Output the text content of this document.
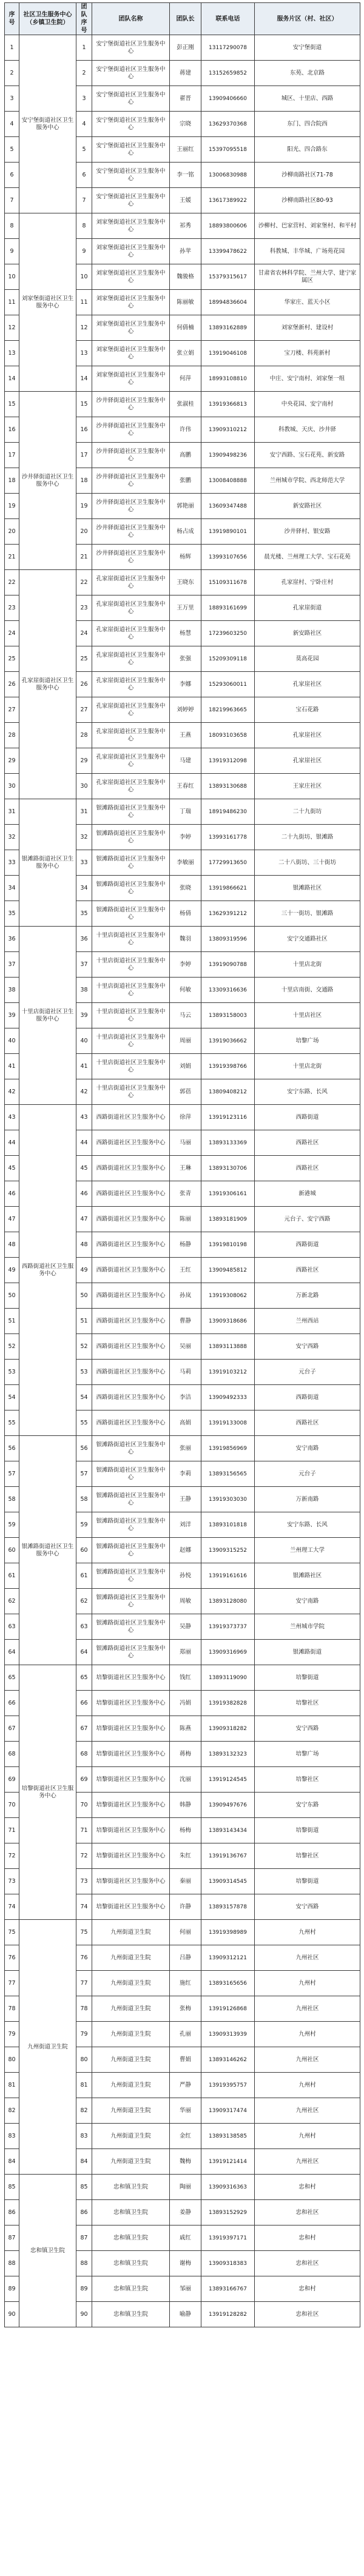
序号	社区卫生服务中心（乡镇卫生院）	团队序号	团队名称	团队长	联系电话	服务片区（村、社区）
1	安宁堡街道社区卫生服务中心	1	安宁堡街道社区卫生服务中心	彭正刚	13117290078	安宁堡街道
2		2	安宁堡街道社区卫生服务中心	蒋建	13152659852	东苑、北京路
3		3	安宁堡街道社区卫生服务中心	翟晋	13909406660	城区、十里店、西路
4		4	安宁堡街道社区卫生服务中心	宗晓	13629370368	东门、四合院西
5		5	安宁堡街道社区卫生服务中心	王丽红	15397095518	阳光、四合路东
6		6	安宁堡街道社区卫生服务中心	李一铭	13006830988	沙柳南路社区71-78
7		7	安宁堡街道社区卫生服务中心	王媛	13617389922	沙柳南路社区80-93
8	刘家堡街道社区卫生服务中心	8	刘家堡街道社区卫生服务中心	祁秀	18893800606	沙柳村、巴家营村、刘家堡村、和平村
9		9	刘家堡街道社区卫生服务中心	孙苹	13399478622	科教城、丰华城、广场苑花园
10		10	刘家堡街道社区卫生服务中心	魏骏格	15379315617	甘肃省农林科学院、兰州大学、建宁家属区
11		11	刘家堡街道社区卫生服务中心	陈丽敏	18994836604	华家庄、蓝天小区
12		12	刘家堡街道社区卫生服务中心	何倩楠	13893162889	刘家堡新村、建设村
13		13	刘家堡街道社区卫生服务中心	张立娟	13919046108	宝刀楼、科苑新村
14		14	刘家堡街道社区卫生服务中心	何萍	18993108810	中庄、安宁南村、刘家堡一组
15	沙井驿街道社区卫生服务中心	15	沙井驿街道社区卫生服务中心	张淑桂	13919366813	中央花园、安宁南村
16		16	沙井驿街道社区卫生服务中心	许伟	13909310212	科教城、天庆、沙井驿
17		17	沙井驿街道社区卫生服务中心	高鹏	13909498236	安宁西路、宝石花苑、新安路
18		18	沙井驿街道社区卫生服务中心	张鹏	13008408888	兰州城市学院、西北师范大学
19		19	沙井驿街道社区卫生服务中心	郭艳丽	13609347488	新安路社区
20		20	沙井驿街道社区卫生服务中心	杨占成	13919890101	沙井驿村、银安路
21		21	沙井驿街道社区卫生服务中心	杨辉	13993107656	晨光楼、兰州理工大学、宝石花苑
22	孔家崖街道社区卫生服务中心	22	孔家崖街道社区卫生服务中心	王晓东	15109311678	孔家崖村、宁卧庄村
23		23	孔家崖街道社区卫生服务中心	王万里	18893161699	孔家崖街道
24		24	孔家崖街道社区卫生服务中心	杨慧	17239603250	新安路社区
25		25	孔家崖街道社区卫生服务中心	张强	15209309118	莫高花园
26		26	孔家崖街道社区卫生服务中心	李娜	15293060011	孔家崖社区
27		27	孔家崖街道社区卫生服务中心	刘婷婷	18219963665	宝石花路
28		28	孔家崖街道社区卫生服务中心	王燕	18093103658	孔家崖社区
29		29	孔家崖街道社区卫生服务中心	马建	13919312098	孔家崖社区
30		30	孔家崖街道社区卫生服务中心	王春红	13893130688	王家庄社区
31	银滩路街道社区卫生服务中心	31	银滩路街道社区卫生服务中心	丁瑞	18919486230	二十九街坊
32		32	银滩路街道社区卫生服务中心	李婷	13993161778	二十九街坊、银滩路
33		33	银滩路街道社区卫生服务中心	李敏丽	17729913650	二十八街坊、三十街坊
34		34	银滩路街道社区卫生服务中心	张晓	13919866621	银滩路社区
35		35	银滩路街道社区卫生服务中心	杨倩	13629391212	三十一街坊、银滩路
36	十里店街道社区卫生服务中心	36	十里店街道社区卫生服务中心	魏羽	13809319596	安宁交通路社区
37		37	十里店街道社区卫生服务中心	李婷	13919090788	十里店北街
38		38	十里店街道社区卫生服务中心	何敏	13309316636	十里店南街、交通路
39		39	十里店街道社区卫生服务中心	马云	13893158003	十里店社区
40		40	十里店街道社区卫生服务中心	周丽	13919036662	培黎广场
41		41	十里店街道社区卫生服务中心	刘娟	13919398766	十里店北街
42		42	十里店街道社区卫生服务中心	郭蓓	13809408212	安宁东路、长风
43	西路街道社区卫生服务中心	43	西路街道社区卫生服务中心	徐萍	13919123116	西路街道
44		44	西路街道社区卫生服务中心	马丽	13893133369	西路社区
45		45	西路街道社区卫生服务中心	王琳	13893130706	西路社区
46		46	西路街道社区卫生服务中心	张青	13919306161	新港城
47		47	西路街道社区卫生服务中心	陈丽	13893181909	元台子、安宁西路
48		48	西路街道社区卫生服务中心	杨静	13919810198	西路街道
49		49	西路街道社区卫生服务中心	王红	13909485812	西路社区
50		50	西路街道社区卫生服务中心	孙岚	13919308062	万新北路
51		51	西路街道社区卫生服务中心	曹静	13909318686	兰州西站
52		52	西路街道社区卫生服务中心	吴丽	13893113888	安宁西路
53		53	西路街道社区卫生服务中心	马莉	13919103212	元台子
54		54	西路街道社区卫生服务中心	李洁	13909492333	西路街道
55		55	西路街道社区卫生服务中心	高娟	13919133008	西路社区
56	银滩路街道社区卫生服务中心	56	银滩路街道社区卫生服务中心	张丽	13919856969	安宁南路
57		57	银滩路街道社区卫生服务中心	李莉	13893156565	元台子
58		58	银滩路街道社区卫生服务中心	王静	13919303030	万新南路
59		59	银滩路街道社区卫生服务中心	刘洋	13893101818	安宁东路、长风
60		60	银滩路街道社区卫生服务中心	赵娜	13909315252	兰州理工大学
61		61	银滩路街道社区卫生服务中心	孙悦	13919161616	银滩路社区
62		62	银滩路街道社区卫生服务中心	周敏	13893128080	安宁南路
63		63	银滩路街道社区卫生服务中心	吴静	13919373737	兰州城市学院
64		64	银滩路街道社区卫生服务中心	郑丽	13909316969	银滩路街道
65	培黎街道社区卫生服务中心	65	培黎街道社区卫生服务中心	钱红	13893119090	培黎街道
66		66	培黎街道社区卫生服务中心	冯娟	13919382828	培黎社区
67		67	培黎街道社区卫生服务中心	陈燕	13909318282	安宁西路
68		68	培黎街道社区卫生服务中心	蒋梅	13893132323	培黎广场
69		69	培黎街道社区卫生服务中心	沈丽	13919124545	培黎社区
70		70	培黎街道社区卫生服务中心	韩静	13909497676	安宁东路
71		71	培黎街道社区卫生服务中心	杨梅	13893143434	培黎街道
72		72	培黎街道社区卫生服务中心	朱红	13919136767	培黎社区
73		73	培黎街道社区卫生服务中心	秦丽	13909314545	培黎街道
74		74	培黎街道社区卫生服务中心	许静	13893157878	安宁西路
75	九州街道卫生院	75	九州街道卫生院	何丽	13919398989	九州村
76		76	九州街道卫生院	吕静	13909312121	九州社区
77		77	九州街道卫生院	施红	13893165656	九州村
78		78	九州街道卫生院	张梅	13919126868	九州社区
79		79	九州街道卫生院	孔丽	13909313939	九州村
80		80	九州街道卫生院	曹娟	13893146262	九州社区
81		81	九州街道卫生院	严静	13919395757	九州村
82		82	九州街道卫生院	华丽	13909317474	九州社区
83		83	九州街道卫生院	金红	13893138585	九州村
84		84	九州街道卫生院	魏梅	13919121414	九州社区
85	忠和镇卫生院	85	忠和镇卫生院	陶丽	13909316363	忠和村
86		86	忠和镇卫生院	姜静	13893152929	忠和社区
87		87	忠和镇卫生院	戚红	13919397171	忠和村
88		88	忠和镇卫生院	谢梅	13909318383	忠和社区
89		89	忠和镇卫生院	邹丽	13893166767	忠和村
90		90	忠和镇卫生院	喻静	13919128282	忠和社区
